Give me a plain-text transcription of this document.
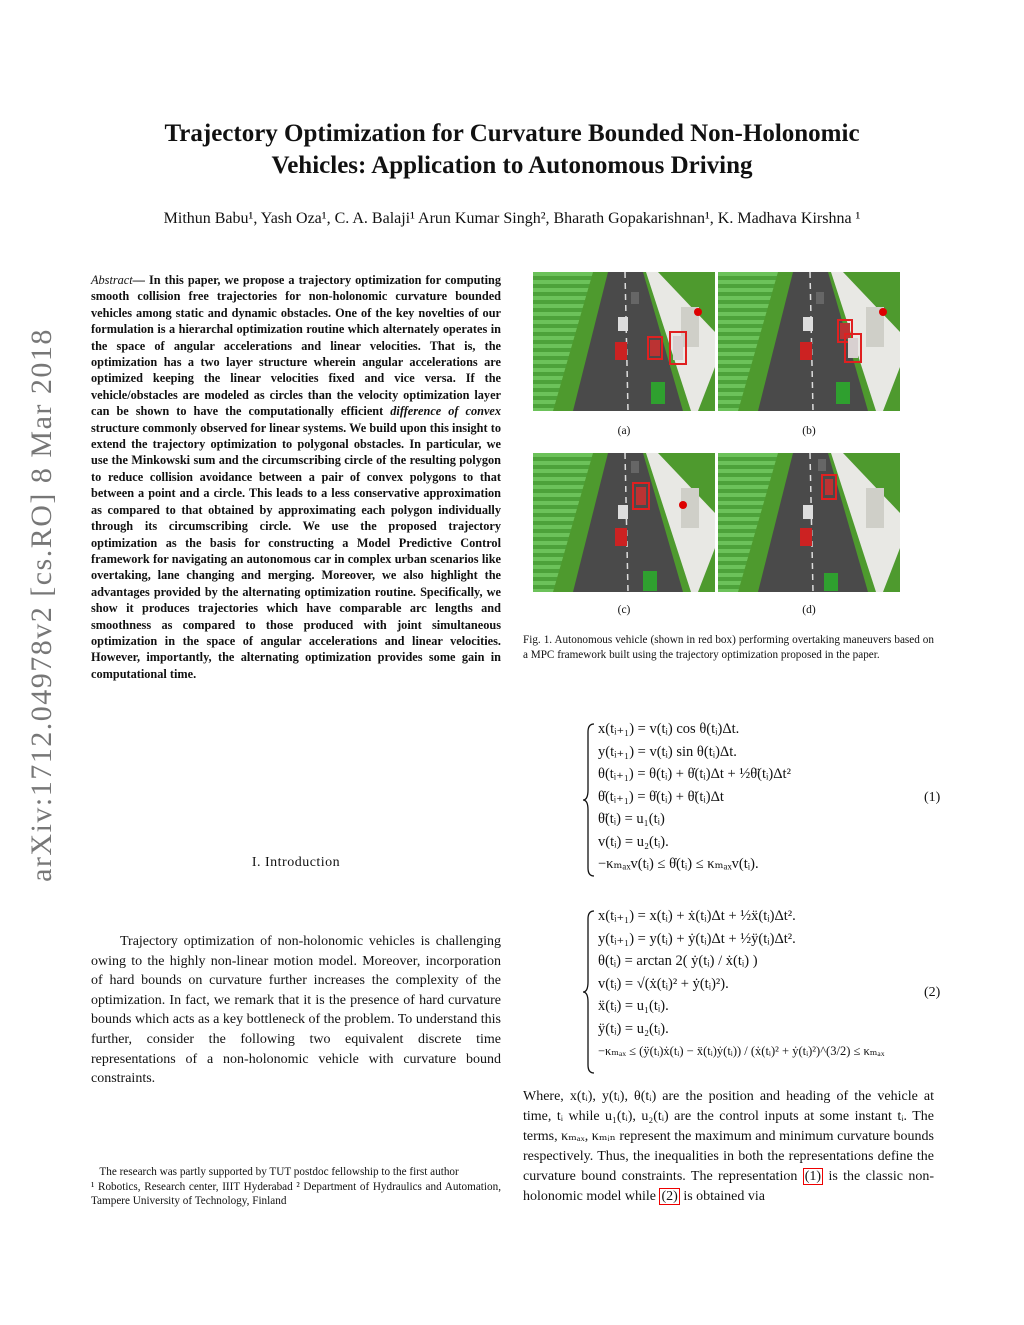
Trajectory Optimization for Curvature Bounded Non-Holonomic
Vehicles: Application to Autonomous Driving
Mithun Babu¹, Yash Oza¹, C. A. Balaji¹ Arun Kumar Singh², Bharath Gopakarishnan¹, K. Madhava Kirshna ¹
arXiv:1712.04978v2 [cs.RO] 8 Mar 2018
Abstract— In this paper, we propose a trajectory optimization for computing smooth collision free trajectories for non-holonomic curvature bounded vehicles among static and dynamic obstacles. One of the key novelties of our formulation is a hierarchal optimization routine which alternately operates in the space of angular accelerations and linear velocities. That is, the optimization has a two layer structure wherein angular accelerations are optimized keeping the linear velocities fixed and vice versa. If the vehicle/obstacles are modeled as circles than the velocity optimization layer can be shown to have the computationally efficient difference of convex structure commonly observed for linear systems. We build upon this insight to extend the trajectory optimization to polygonal obstacles. In particular, we use the Minkowski sum and the circumscribing circle of the resulting polygon to reduce collision avoidance between a pair of convex polygons to that between a point and a circle. This leads to a less conservative approximation as compared to that obtained by approximating each polygon individually through its circumscribing circle. We use the proposed trajectory optimization as the basis for constructing a Model Predictive Control framework for navigating an autonomous car in complex urban scenarios like overtaking, lane changing and merging. Moreover, we also highlight the advantages provided by the alternating optimization routine. Specifically, we show it produces trajectories which have comparable arc lengths and smoothness as compared to those produced with joint simultaneous optimization in the space of angular accelerations and linear velocities. However, importantly, the alternating optimization provides some gain in computational time.
I. Introduction
Trajectory optimization of non-holonomic vehicles is challenging owing to the highly non-linear motion model. Moreover, incorporation of hard bounds on curvature further increases the complexity of the optimization. In fact, we remark that it is the presence of hard curvature bounds which acts as a key bottleneck of the problem. To understand this further, consider the following two equivalent discrete time representations of a non-holonomic vehicle with curvature bound constraints.

The research was partly supported by TUT postdoc fellowship to the first author

¹ Robotics, Research center, IIIT Hyderabad ² Department of Hydraulics and Automation, Tampere University of Technology, Finland

(a)	(b)
(c)	(d)
Fig. 1. Autonomous vehicle (shown in red box) performing overtaking maneuvers based on a MPC framework built using the trajectory optimization proposed in the paper.
x(tᵢ₊₁) = v(tᵢ) cos θ(tᵢ)Δt.
y(tᵢ₊₁) = v(tᵢ) sin θ(tᵢ)Δt.
θ(tᵢ₊₁) = θ(tᵢ) + θ̇(tᵢ)Δt + ½θ̈(tᵢ)Δt²
θ̇(tᵢ₊₁) = θ̇(tᵢ) + θ̈(tᵢ)Δt
θ̈(tᵢ) = u₁(tᵢ)
v(tᵢ) = u₂(tᵢ).
−κₘₐₓv(tᵢ) ≤ θ̇(tᵢ) ≤ κₘₐₓv(tᵢ).
(1)
x(tᵢ₊₁) = x(tᵢ) + ẋ(tᵢ)Δt + ½ẍ(tᵢ)Δt².
y(tᵢ₊₁) = y(tᵢ) + ẏ(tᵢ)Δt + ½ÿ(tᵢ)Δt².
θ(tᵢ) = arctan 2( ẏ(tᵢ) / ẋ(tᵢ) )
v(tᵢ) = √(ẋ(tᵢ)² + ẏ(tᵢ)²).
ẍ(tᵢ) = u₁(tᵢ).
ÿ(tᵢ) = u₂(tᵢ).
−κₘₐₓ ≤ (ÿ(tᵢ)ẋ(tᵢ) − ẍ(tᵢ)ẏ(tᵢ)) / (ẋ(tᵢ)² + ẏ(tᵢ)²)^(3/2) ≤ κₘₐₓ
(2)
Where, x(tᵢ), y(tᵢ), θ(tᵢ) are the position and heading of the vehicle at time, tᵢ while u₁(tᵢ), u₂(tᵢ) are the control inputs at some instant tᵢ. The terms, κₘₐₓ, κₘᵢₙ represent the maximum and minimum curvature bounds respectively. Thus, the inequalities in both the representations define the curvature bound constraints. The representation (1) is the classic non-holonomic model while (2) is obtained via
